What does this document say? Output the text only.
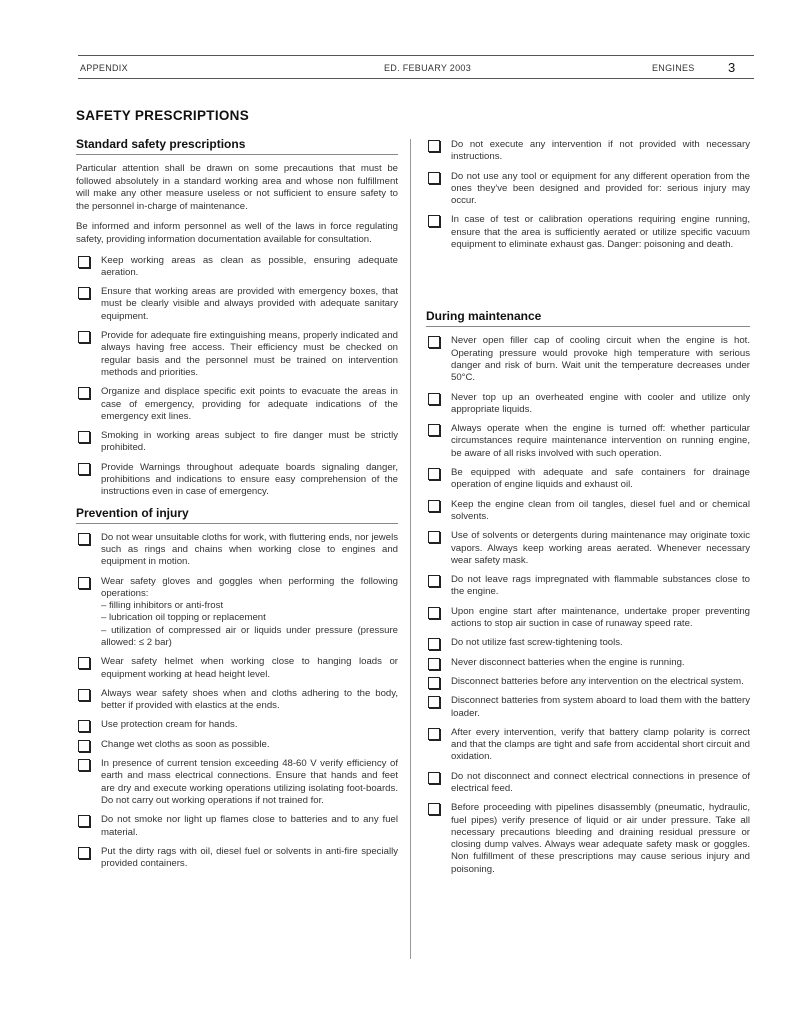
APPENDIX	ED. FEBUARY 2003	ENGINES	3
SAFETY PRESCRIPTIONS
Standard safety prescriptions

Particular attention shall be drawn on some precautions that must be followed absolutely in a standard working area and whose non fulfillment will make any other measure useless or not sufficient to ensure safety to the personnel in-charge of maintenance.

Be informed and inform personnel as well of the laws in force regulating safety, providing information documentation available for consultation.

Keep working areas as clean as possible, ensuring adequate aeration.
Ensure that working areas are provided with emergency boxes, that must be clearly visible and always provided with adequate sanitary equipment.
Provide for adequate fire extinguishing means, properly indicated and always having free access. Their efficiency must be checked on regular basis and the personnel must be trained on intervention methods and priorities.
Organize and displace specific exit points to evacuate the areas in case of emergency, providing for adequate indications of the emergency exit lines.
Smoking in working areas subject to fire danger must be strictly prohibited.
Provide Warnings throughout adequate boards signaling danger, prohibitions and indications to ensure easy comprehension of the instructions even in case of emergency.
Prevention of injury
Do not wear unsuitable cloths for work, with fluttering ends, nor jewels such as rings and chains when working close to engines and equipment in motion.
Wear safety gloves and goggles when performing the following operations:
– filling inhibitors or anti-frost
– lubrication oil topping or replacement
– utilization of compressed air or liquids under pressure (pressure allowed: ≤ 2 bar)
Wear safety helmet when working close to hanging loads or equipment working at head height level.
Always wear safety shoes when and cloths adhering to the body, better if provided with elastics at the ends.
Use protection cream for hands.
Change wet cloths as soon as possible.
In presence of current tension exceeding 48-60 V verify efficiency of earth and mass electrical connections. Ensure that hands and feet are dry and execute working operations utilizing isolating foot-boards. Do not carry out working operations if not trained for.
Do not smoke nor light up flames close to batteries and to any fuel material.
Put the dirty rags with oil, diesel fuel or solvents in anti-fire specially provided containers.
Do not execute any intervention if not provided with necessary instructions.
Do not use any tool or equipment for any different operation from the ones they've been designed and provided for: serious injury may occur.
In case of test or calibration operations requiring engine running, ensure that the area is sufficiently aerated or utilize specific vacuum equipment to eliminate exhaust gas. Danger: poisoning and death.
During maintenance
Never open filler cap of cooling circuit when the engine is hot. Operating pressure would provoke high temperature with serious danger and risk of burn. Wait unit the temperature decreases under 50°C.
Never top up an overheated engine with cooler and utilize only appropriate liquids.
Always operate when the engine is turned off: whether particular circumstances require maintenance intervention on running engine, be aware of all risks involved with such operation.
Be equipped with adequate and safe containers for drainage operation of engine liquids and exhaust oil.
Keep the engine clean from oil tangles, diesel fuel and or chemical solvents.
Use of solvents or detergents during maintenance may originate toxic vapors. Always keep working areas aerated. Whenever necessary wear safety mask.
Do not leave rags impregnated with flammable substances close to the engine.
Upon engine start after maintenance, undertake proper preventing actions to stop air suction in case of runaway speed rate.
Do not utilize fast screw-tightening tools.
Never disconnect batteries when the engine is running.
Disconnect batteries before any intervention on the electrical system.
Disconnect batteries from system aboard to load them with the battery loader.
After every intervention, verify that battery clamp polarity is correct and that the clamps are tight and safe from accidental short circuit and oxidation.
Do not disconnect and connect electrical connections in presence of electrical feed.
Before proceeding with pipelines disassembly (pneumatic, hydraulic, fuel pipes) verify presence of liquid or air under pressure. Take all necessary precautions bleeding and draining residual pressure or closing dump valves. Always wear adequate safety mask or goggles. Non fulfillment of these prescriptions may cause serious injury and poisoning.
